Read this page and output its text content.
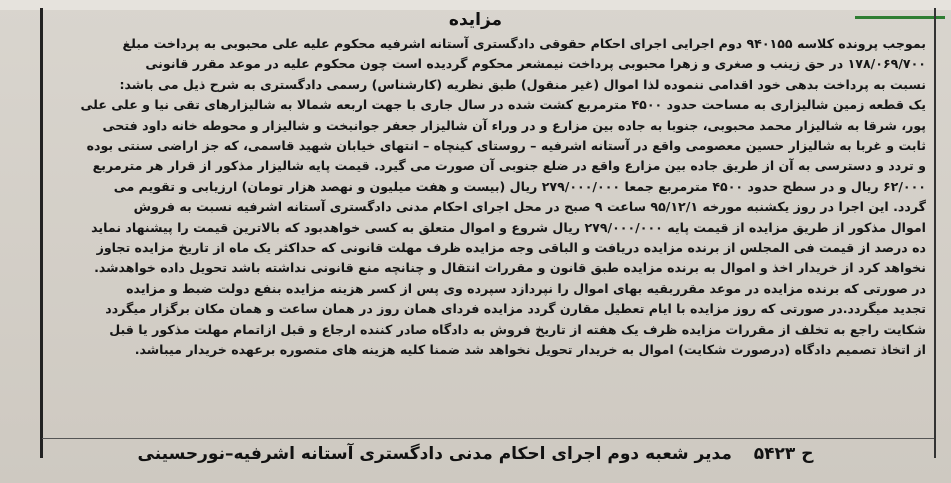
مزایده
بموجب پرونده کلاسه ۹۴۰۱۵۵ دوم اجرایی اجرای احکام حقوقی دادگستری آستانه اشرفیه محکوم علیه علی محبوبی به پرداخت مبلغ
۱۷۸/۰۶۹/۷۰۰ در حق زینب و صغری و زهرا محبوبی پرداخت نیمشعر محکوم گردیده است چون محکوم علیه در موعد مقرر قانونی
نسبت به پرداخت بدهی خود اقدامی ننموده لذا اموال (غیر منقول) طبق نظریه (کارشناس) رسمی دادگستری به شرح ذیل می باشد:
یک قطعه زمین شالیزاری به مساحت حدود ۴۵۰۰ مترمربع کشت شده در سال جاری با جهت اربعه شمالا به شالیزارهای تقی نیا و علی علی
پور، شرقا به شالیزار محمد محبوبی، جنوبا به جاده بین مزارع و در وراء آن شالیزار جعفر جوانبخت و شالیزار و محوطه خانه داود فتحی
ثابت و غربا به شالیزار حسین معصومی واقع در آستانه اشرفیه – روستای کینچاه – انتهای خیابان شهید قاسمی، که جز اراضی سنتی بوده
و تردد و دسترسی به آن از طریق جاده بین مزارع واقع در ضلع جنوبی آن صورت می گیرد. قیمت پایه شالیزار مذکور از قرار هر مترمربع
۶۲/۰۰۰ ریال و در سطح حدود ۴۵۰۰ مترمربع جمعا ۲۷۹/۰۰۰/۰۰۰ ریال (بیست و هفت میلیون و نهصد هزار تومان) ارزیابی و تقویم می
گردد. این اجرا در روز یکشنبه مورخه ۹۵/۱۲/۱ ساعت ۹ صبح در محل اجرای احکام مدنی دادگستری آستانه اشرفیه نسبت به فروش
اموال مذکور از طریق مزایده از قیمت پایه ۲۷۹/۰۰۰/۰۰۰ ریال شروع و اموال متعلق به کسی خواهدبود که بالاترین قیمت را پیشنهاد نماید
ده درصد از قیمت فی المجلس از برنده مزایده دریافت و الباقی وجه مزایده ظرف مهلت قانونی که حداکثر یک ماه از تاریخ مزایده تجاوز
نخواهد کرد از خریدار اخذ و اموال به برنده مزایده طبق قانون و مقررات انتقال و چنانچه منع قانونی نداشته باشد تحویل داده خواهدشد.
در صورتی که برنده مزایده در موعد مقرربقیه بهای اموال را نپردازد سپرده وی پس از کسر هزینه مزایده بنفع دولت ضبط و مزایده
تجدید میگردد.در صورتی که روز مزایده با ایام تعطیل مقارن گردد مزایده فردای همان روز در همان ساعت و همان مکان برگزار میگردد
شکایت راجع به تخلف از مقررات مزایده ظرف یک هفته از تاریخ فروش به دادگاه صادر کننده ارجاع و قبل ازاتمام مهلت مذکور یا قبل
از اتخاذ تصمیم دادگاه (درصورت شکایت) اموال به خریدار تحویل نخواهد شد ضمنا کلیه هزینه های متصوره برعهده خریدار میباشد.
ح ۵۴۲۳ مدیر شعبه دوم اجرای احکام مدنی دادگستری آستانه اشرفیه–نورحسینی
